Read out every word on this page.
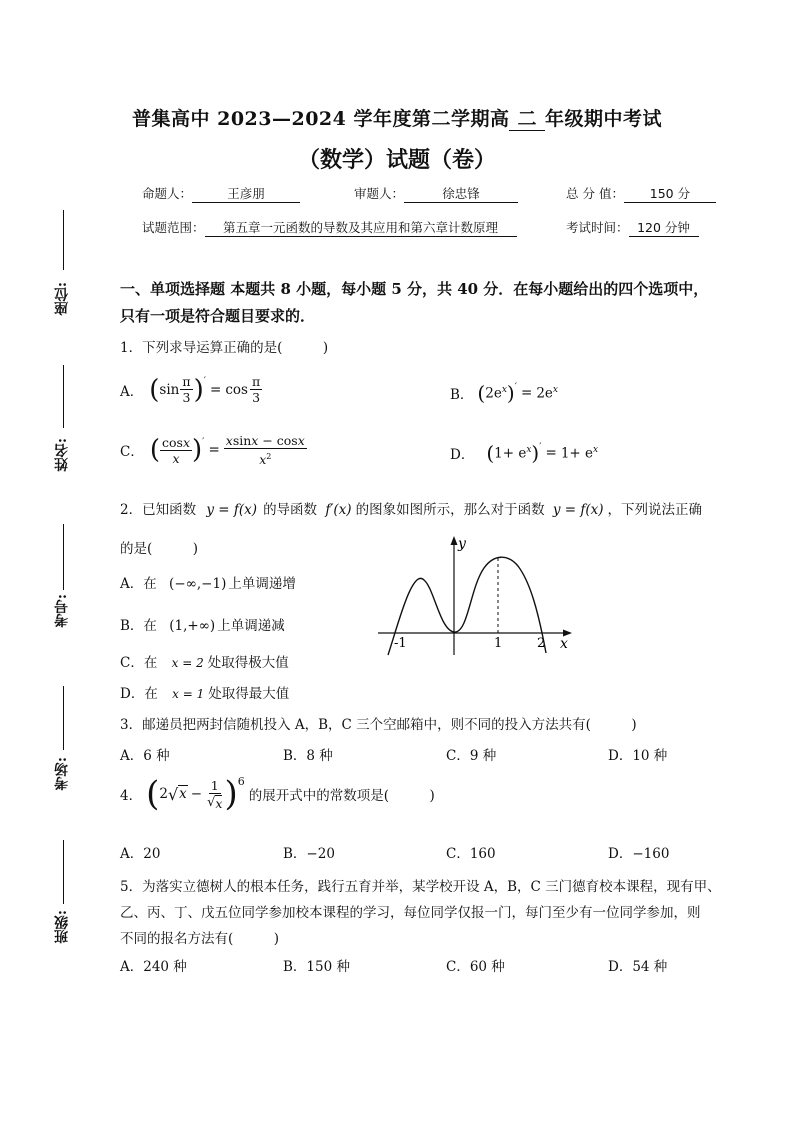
普集高中 2023—2024 学年度第二学期高 二 年级期中考试
（数学）试题（卷）
命题人：	王彦朋	审题人：	徐忠锋	总 分 值： 150 分
试题范围： 第五章一元函数的导数及其应用和第六章计数原理	考试时间： 120 分钟
座位:
姓名:
考号:
考场:
班级:
一、单项选择题 本题共 8 小题，每小题 5 分，共 40 分．在每小题给出的四个选项中，
只有一项是符合题目要求的．
1．下列求导运算正确的是(　　　)
A． ( $\sin \frac{\pi}{3} )' = \cos \frac{\pi}{3}$	B． ( $2e^x$ )$' = 2e^x$
C． ( $\frac{\cos x}{x} )' = \frac{xsinx - \cos x}{x^2}$	D． ( $1+ e^x$ )$' = 1+ e^x$
2．已知函数 y = f(x) 的导函数 f′(x) 的图象如图所示，那么对于函数 y = f(x) ，下列说法正确
的是(　　　)
A．在 (−∞,−1) 上单调递增
B．在 (1,+∞) 上单调递减
C．在 x = 2 处取得极大值
D．在 x = 1 处取得最大值
y
x
-1	1	2
3．邮递员把两封信随机投入 A，B，C 三个空邮箱中，则不同的投入方法共有(　　　)
A．6 种	B．8 种	C．9 种	D．10 种
4． ( 2 √ $x - \frac{1}{√ x} )^6$
的展开式中的常数项是(　　　)
A．20	B．−20	C．160	D．−160
5．为落实立德树人的根本任务，践行五育并举，某学校开设 A，B，C 三门德育校本课程，现有甲、
乙、丙、丁、戊五位同学参加校本课程的学习，每位同学仅报一门，每门至少有一位同学参加，则
不同的报名方法有(　　　)
A．240 种	B．150 种	C．60 种	D．54 种
